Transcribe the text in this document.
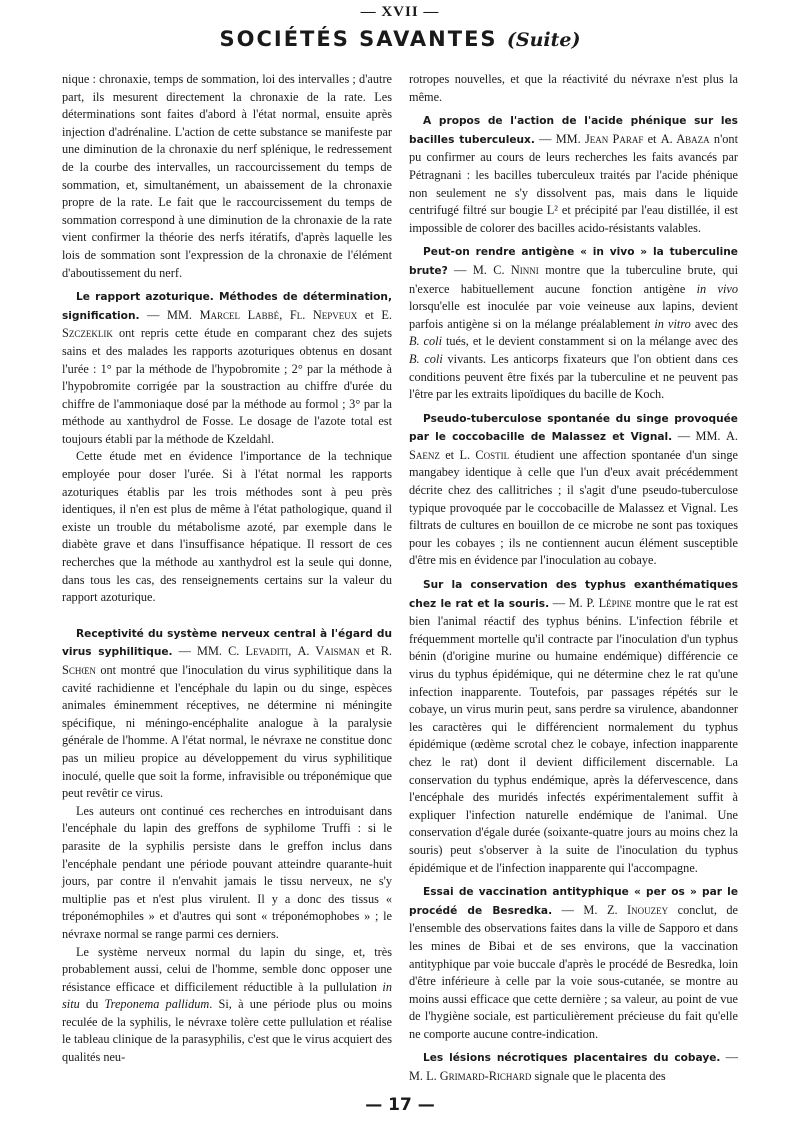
— XVII —
SOCIÉTÉS SAVANTES (Suite)

nique : chronaxie, temps de sommation, loi des intervalles ; d'autre part, ils mesurent directement la chronaxie de la rate. Les déterminations sont faites d'abord à l'état normal, ensuite après injection d'adrénaline. L'action de cette substance se manifeste par une diminution de la chronaxie du nerf splénique, le redressement de la courbe des intervalles, un raccourcissement du temps de sommation, et, simultanément, un abaissement de la chronaxie propre de la rate. Le fait que le raccourcissement du temps de sommation correspond à une diminution de la chronaxie de la rate vient confirmer la théorie des nerfs itératifs, d'après laquelle les lois de sommation sont l'expression de la chronaxie de l'élément d'aboutissement du nerf.

Le rapport azoturique. Méthodes de détermination, signification. — MM. Marcel Labbé, Fl. Nepveux et E. Szczeklik ont repris cette étude en comparant chez des sujets sains et des malades les rapports azoturiques obtenus en dosant l'urée : 1° par la méthode de l'hypobromite ; 2° par la méthode à l'hypobromite corrigée par la soustraction au chiffre d'urée du chiffre de l'ammoniaque dosé par la méthode au formol ; 3° par la méthode au xanthydrol de Fosse. Le dosage de l'azote total est toujours établi par la méthode de Kzeldahl.

Cette étude met en évidence l'importance de la technique employée pour doser l'urée. Si à l'état normal les rapports azoturiques établis par les trois méthodes sont à peu près identiques, il n'en est plus de même à l'état pathologique, quand il existe un trouble du métabolisme azoté, par exemple dans le diabète grave et dans l'insuffisance hépatique. Il ressort de ces recherches que la méthode au xanthydrol est la seule qui donne, dans tous les cas, des renseignements certains sur la valeur du rapport azoturique.

Receptivité du système nerveux central à l'égard du virus syphilitique. — MM. C. Levaditi, A. Vaisman et R. Schœn ont montré que l'inoculation du virus syphilitique dans la cavité rachidienne et l'encéphale du lapin ou du singe, espèces animales éminemment réceptives, ne détermine ni méningite spécifique, ni méningo-encéphalite analogue à la paralysie générale de l'homme. A l'état normal, le névraxe ne constitue donc pas un milieu propice au développement du virus syphilitique inoculé, quelle que soit la forme, infravisible ou tréponémique que peut revêtir ce virus.

Les auteurs ont continué ces recherches en introduisant dans l'encéphale du lapin des greffons de syphilome Truffi : si le parasite de la syphilis persiste dans le greffon inclus dans l'encéphale pendant une période pouvant atteindre quarante-huit jours, par contre il n'envahit jamais le tissu nerveux, ne s'y multiplie pas et n'est plus virulent. Il y a donc des tissus « tréponémophiles » et d'autres qui sont « tréponémophobes » ; le névraxe normal se range parmi ces derniers.

Le système nerveux normal du lapin du singe, et, très probablement aussi, celui de l'homme, semble donc opposer une résistance efficace et difficilement réductible à la pullulation in situ du Treponema pallidum. Si, à une période plus ou moins reculée de la syphilis, le névraxe tolère cette pullulation et réalise le tableau clinique de la parasyphilis, c'est que le virus acquiert des qualités neu-

rotropes nouvelles, et que la réactivité du névraxe n'est plus la même.

A propos de l'action de l'acide phénique sur les bacilles tuberculeux. — MM. Jean Paraf et A. Abaza n'ont pu confirmer au cours de leurs recherches les faits avancés par Pétragnani : les bacilles tuberculeux traités par l'acide phénique non seulement ne s'y dissolvent pas, mais dans le liquide centrifugé filtré sur bougie L² et précipité par l'eau distillée, il est impossible de colorer des bacilles acido-résistants valables.

Peut-on rendre antigène « in vivo » la tuberculine brute? — M. C. Ninni montre que la tuberculine brute, qui n'exerce habituellement aucune fonction antigène in vivo lorsqu'elle est inoculée par voie veineuse aux lapins, devient parfois antigène si on la mélange préalablement in vitro avec des B. coli tués, et le devient constamment si on la mélange avec des B. coli vivants. Les anticorps fixateurs que l'on obtient dans ces conditions peuvent être fixés par la tuberculine et ne peuvent pas l'être par les extraits lipoïdiques du bacille de Koch.

Pseudo-tuberculose spontanée du singe provoquée par le coccobacille de Malassez et Vignal. — MM. A. Saenz et L. Costil étudient une affection spontanée d'un singe mangabey identique à celle que l'un d'eux avait précédemment décrite chez des callitriches ; il s'agit d'une pseudo-tuberculose typique provoquée par le coccobacille de Malassez et Vignal. Les filtrats de cultures en bouillon de ce microbe ne sont pas toxiques pour les cobayes ; ils ne contiennent aucun élément susceptible d'être mis en évidence par l'inoculation au cobaye.

Sur la conservation des typhus exanthématiques chez le rat et la souris. — M. P. Lépine montre que le rat est bien l'animal réactif des typhus bénins. L'infection fébrile et fréquemment mortelle qu'il contracte par l'inoculation d'un typhus bénin (d'origine murine ou humaine endémique) différencie ce virus du typhus épidémique, qui ne détermine chez le rat qu'une infection inapparente. Toutefois, par passages répétés sur le cobaye, un virus murin peut, sans perdre sa virulence, abandonner les caractères qui le différencient normalement du typhus épidémique (œdème scrotal chez le cobaye, infection inapparente chez le rat) dont il devient difficilement discernable. La conservation du typhus endémique, après la défervescence, dans l'encéphale des muridés infectés expérimentalement suffit à expliquer l'infection naturelle endémique de l'animal. Une conservation d'égale durée (soixante-quatre jours au moins chez la souris) peut s'observer à la suite de l'inoculation du typhus épidémique et de l'infection inapparente qui l'accompagne.

Essai de vaccination antityphique « per os » par le procédé de Besredka. — M. Z. Inouzey conclut, de l'ensemble des observations faites dans la ville de Sapporo et dans les mines de Bibai et de ses environs, que la vaccination antityphique par voie buccale d'après le procédé de Besredka, loin d'être inférieure à celle par la voie sous-cutanée, se montre au moins aussi efficace que cette dernière ; sa valeur, au point de vue de l'hygiène sociale, est particulièrement précieuse du fait qu'elle ne comporte aucune contre-indication.

Les lésions nécrotiques placentaires du cobaye. — M. L. Grimard-Richard signale que le placenta des

— 17 —
